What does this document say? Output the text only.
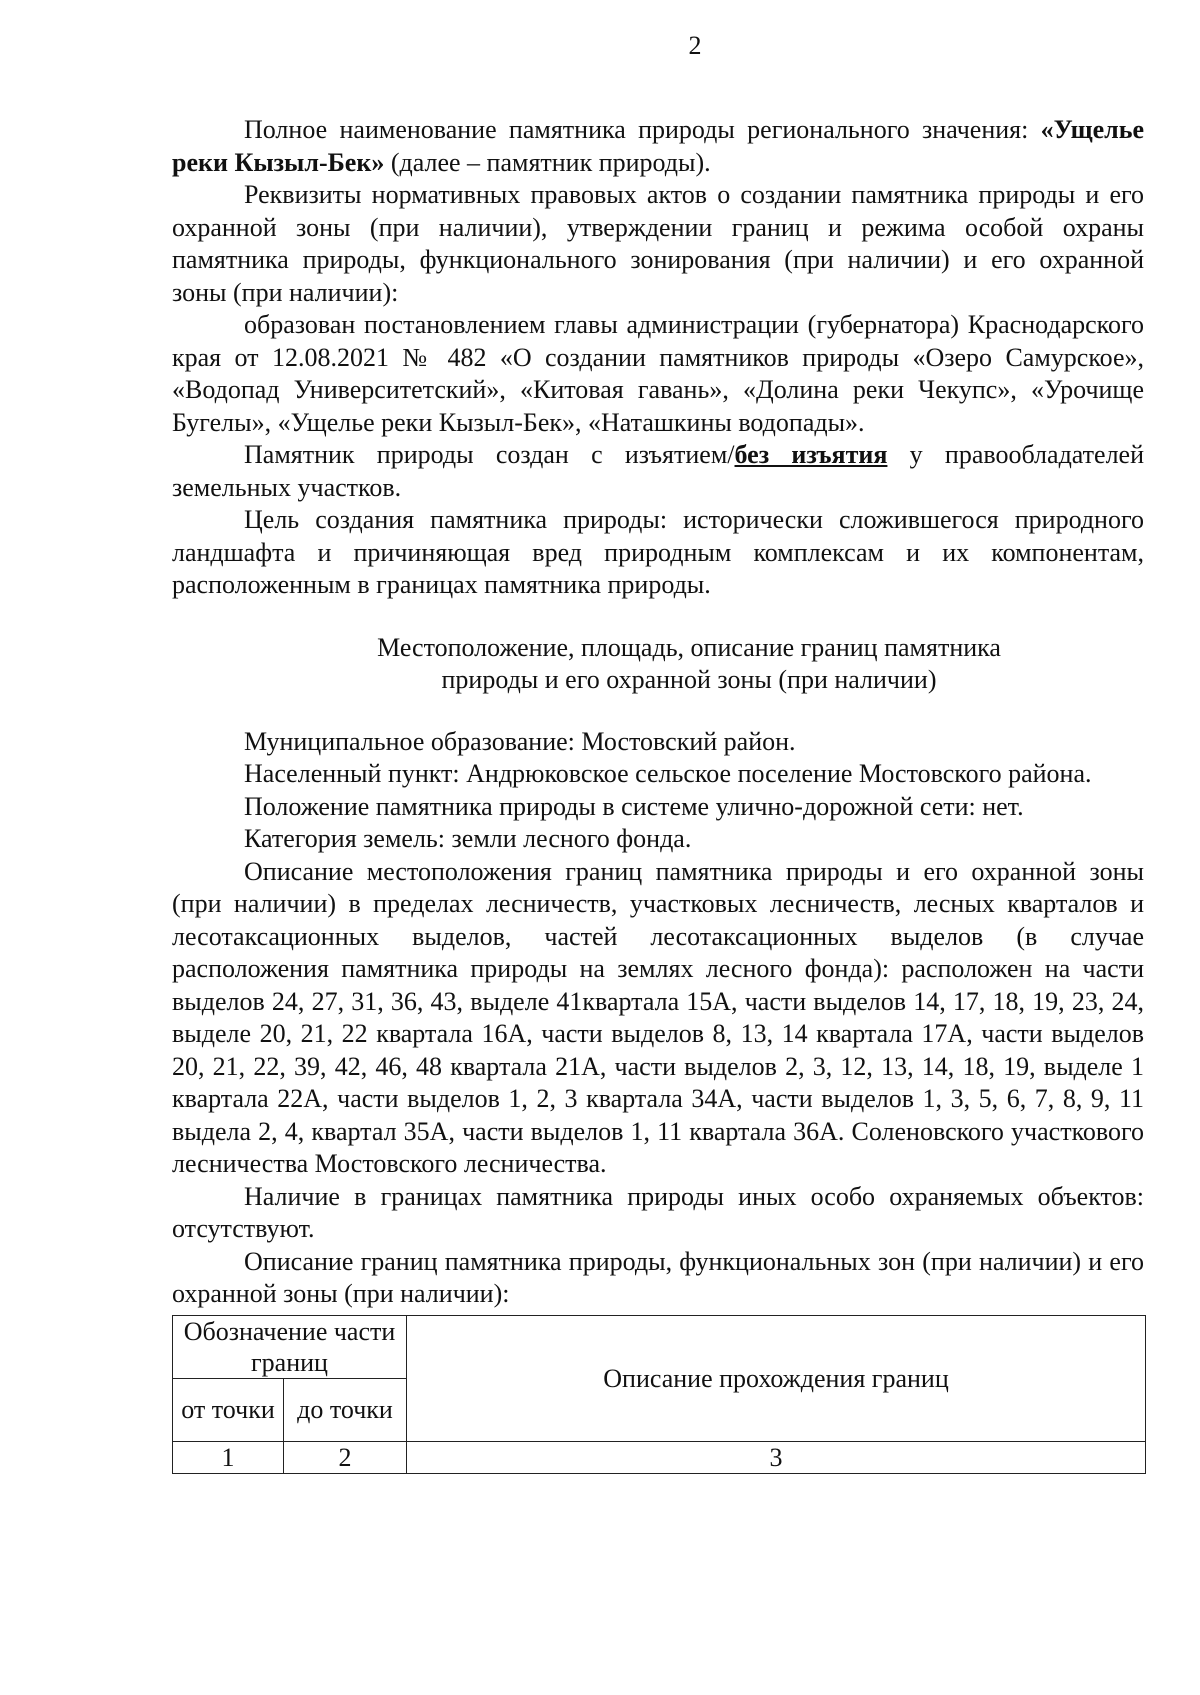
2

Полное наименование памятника природы регионального значения: «Ущелье реки Кызыл-Бек» (далее – памятник природы).

Реквизиты нормативных правовых актов о создании памятника природы и его охранной зоны (при наличии), утверждении границ и режима особой охраны памятника природы, функционального зонирования (при наличии) и его охранной зоны (при наличии):

образован постановлением главы администрации (губернатора) Краснодарского края от 12.08.2021 № 482 «О создании памятников природы «Озеро Самурское», «Водопад Университетский», «Китовая гавань», «Долина реки Чекупс», «Урочище Бугелы», «Ущелье реки Кызыл-Бек», «Наташкины водопады».

Памятник природы создан с изъятием/без изъятия у правообладателей земельных участков.

Цель создания памятника природы: исторически сложившегося природного ландшафта и причиняющая вред природным комплексам и их компонентам, расположенным в границах памятника природы.

Местоположение, площадь, описание границ памятника
природы и его охранной зоны (при наличии)

Муниципальное образование: Мостовский район.

Населенный пункт: Андрюковское сельское поселение Мостовского района.

Положение памятника природы в системе улично-дорожной сети: нет.

Категория земель: земли лесного фонда.

Описание местоположения границ памятника природы и его охранной зоны (при наличии) в пределах лесничеств, участковых лесничеств, лесных кварталов и лесотаксационных выделов, частей лесотаксационных выделов (в случае расположения памятника природы на землях лесного фонда): расположен на части выделов 24, 27, 31, 36, 43, выделе 41квартала 15А, части выделов 14, 17, 18, 19, 23, 24, выделе 20, 21, 22 квартала 16А, части выделов 8, 13, 14 квартала 17А, части выделов 20, 21, 22, 39, 42, 46, 48 квартала 21А, части выделов 2, 3, 12, 13, 14, 18, 19, выделе 1 квартала 22А, части выделов 1, 2, 3 квартала 34А, части выделов 1, 3, 5, 6, 7, 8, 9, 11 выдела 2, 4, квартал 35А, части выделов 1, 11 квартала 36А. Соленовского участкового лесничества Мостовского лесничества.

Наличие в границах памятника природы иных особо охраняемых объектов: отсутствуют.

Описание границ памятника природы, функциональных зон (при наличии) и его охранной зоны (при наличии):

Обозначение части границ		Описание прохождения границ
от точки	до точки	
1	2	3
